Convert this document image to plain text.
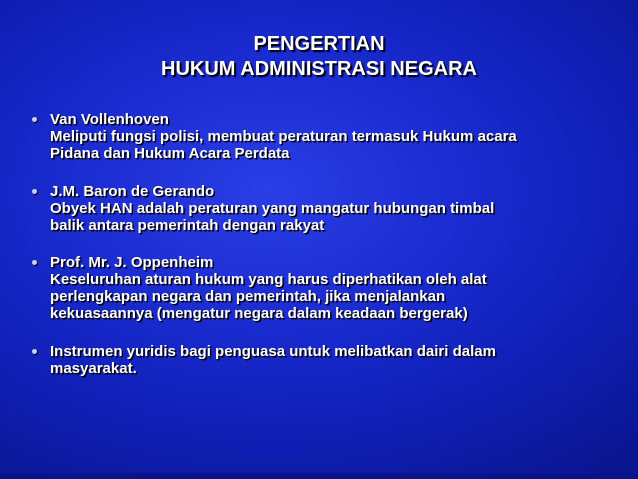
PENGERTIAN
HUKUM ADMINISTRASI NEGARA
Van Vollenhoven
Meliputi fungsi polisi, membuat peraturan termasuk Hukum acara
Pidana dan Hukum Acara Perdata
J.M. Baron de Gerando
Obyek HAN adalah peraturan yang mangatur hubungan timbal
balik antara pemerintah dengan rakyat
Prof. Mr. J. Oppenheim
Keseluruhan aturan hukum yang harus diperhatikan oleh alat
perlengkapan negara dan pemerintah, jika menjalankan
kekuasaannya (mengatur negara dalam keadaan bergerak)
Instrumen yuridis bagi penguasa untuk melibatkan dairi dalam
masyarakat.
